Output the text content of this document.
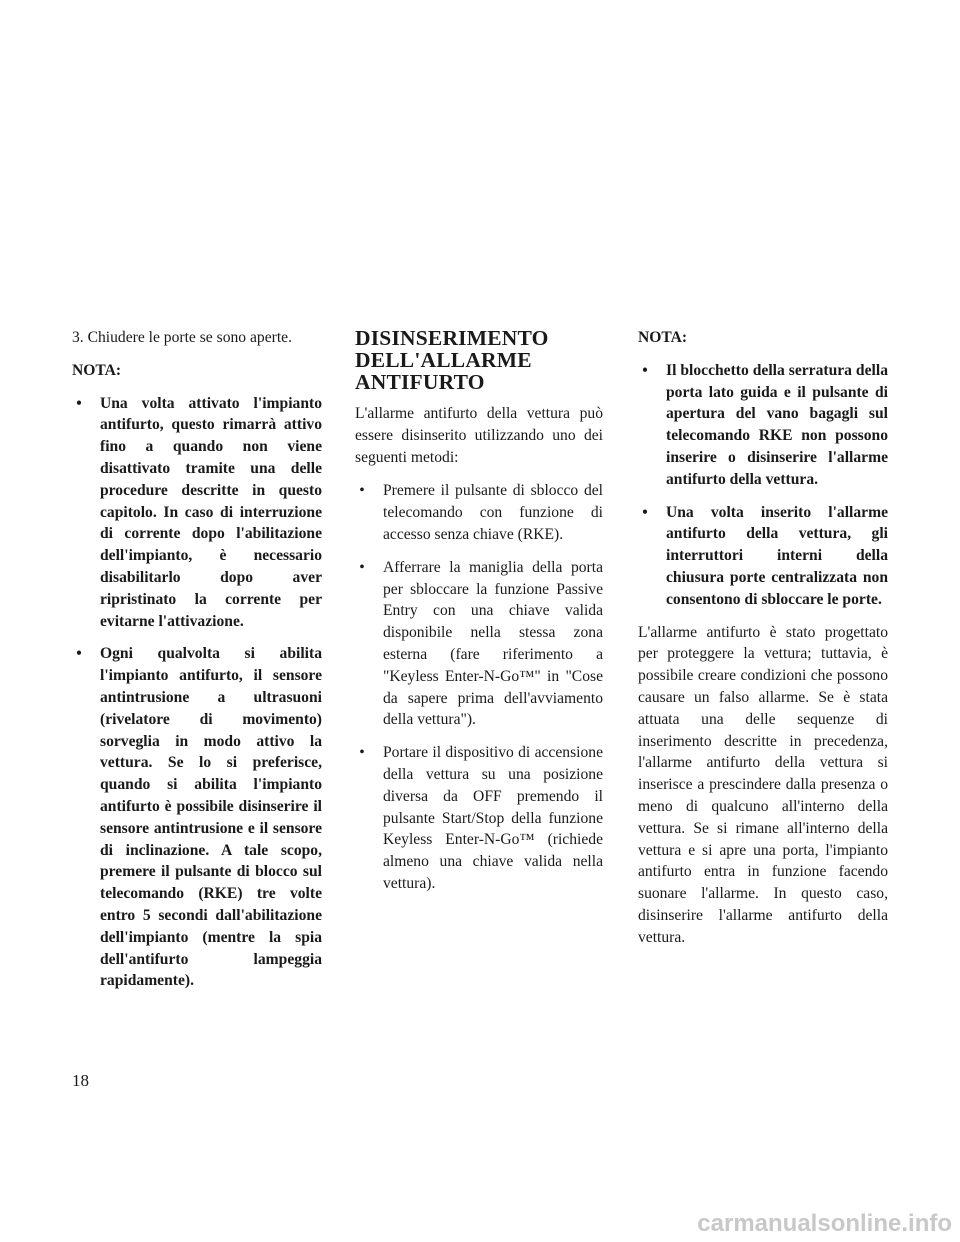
3. Chiudere le porte se sono aperte.

NOTA:
• Una volta attivato l'impianto antifurto, questo rimarrà attivo fino a quando non viene disattivato tramite una delle procedure descritte in questo capitolo. In caso di interruzione di corrente dopo l'abilitazione dell'impianto, è necessario disabilitarlo dopo aver ripristinato la corrente per evitarne l'attivazione.
• Ogni qualvolta si abilita l'impianto antifurto, il sensore antintrusione a ultrasuoni (rivelatore di movimento) sorveglia in modo attivo la vettura. Se lo si preferisce, quando si abilita l'impianto antifurto è possibile disinserire il sensore antintrusione e il sensore di inclinazione. A tale scopo, premere il pulsante di blocco sul telecomando (RKE) tre volte entro 5 secondi dall'abilitazione dell'impianto (mentre la spia dell'antifurto lampeggia rapidamente).
DISINSERIMENTO DELL'ALLARME ANTIFURTO

L'allarme antifurto della vettura può essere disinserito utilizzando uno dei seguenti metodi:

• Premere il pulsante di sblocco del telecomando con funzione di accesso senza chiave (RKE).
• Afferrare la maniglia della porta per sbloccare la funzione Passive Entry con una chiave valida disponibile nella stessa zona esterna (fare riferimento a "Keyless Enter-N-Go™" in "Cose da sapere prima dell'avviamento della vettura").
• Portare il dispositivo di accensione della vettura su una posizione diversa da OFF premendo il pulsante Start/Stop della funzione Keyless Enter-N-Go™ (richiede almeno una chiave valida nella vettura).
NOTA:
• Il blocchetto della serratura della porta lato guida e il pulsante di apertura del vano bagagli sul telecomando RKE non possono inserire o disinserire l'allarme antifurto della vettura.
• Una volta inserito l'allarme antifurto della vettura, gli interruttori interni della chiusura porte centralizzata non consentono di sbloccare le porte.

L'allarme antifurto è stato progettato per proteggere la vettura; tuttavia, è possibile creare condizioni che possono causare un falso allarme. Se è stata attuata una delle sequenze di inserimento descritte in precedenza, l'allarme antifurto della vettura si inserisce a prescindere dalla presenza o meno di qualcuno all'interno della vettura. Se si rimane all'interno della vettura e si apre una porta, l'impianto antifurto entra in funzione facendo suonare l'allarme. In questo caso, disinserire l'allarme antifurto della vettura.

18
carmanualsonline.info
